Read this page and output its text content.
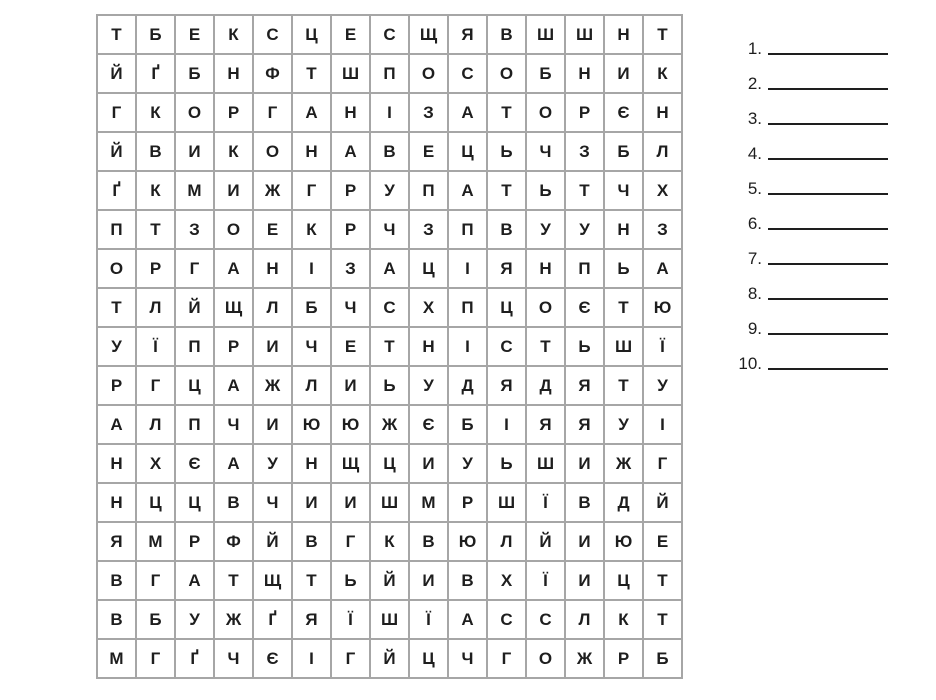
Т	Б	Е	К	С	Ц	Е	С	Щ	Я	В	Ш	Ш	Н	Т
Й	Ґ	Б	Н	Ф	Т	Ш	П	О	С	О	Б	Н	И	К
Г	К	О	Р	Г	А	Н	І	З	А	Т	О	Р	Є	Н
Й	В	И	К	О	Н	А	В	Е	Ц	Ь	Ч	З	Б	Л
Ґ	К	М	И	Ж	Г	Р	У	П	А	Т	Ь	Т	Ч	Х
П	Т	З	О	Е	К	Р	Ч	З	П	В	У	У	Н	З
О	Р	Г	А	Н	І	З	А	Ц	І	Я	Н	П	Ь	А
Т	Л	Й	Щ	Л	Б	Ч	С	Х	П	Ц	О	Є	Т	Ю
У	Ї	П	Р	И	Ч	Е	Т	Н	І	С	Т	Ь	Ш	Ї
Р	Г	Ц	А	Ж	Л	И	Ь	У	Д	Я	Д	Я	Т	У
А	Л	П	Ч	И	Ю	Ю	Ж	Є	Б	І	Я	Я	У	І
Н	Х	Є	А	У	Н	Щ	Ц	И	У	Ь	Ш	И	Ж	Г
Н	Ц	Ц	В	Ч	И	И	Ш	М	Р	Ш	Ї	В	Д	Й
Я	М	Р	Ф	Й	В	Г	К	В	Ю	Л	Й	И	Ю	Е
В	Г	А	Т	Щ	Т	Ь	Й	И	В	Х	Ї	И	Ц	Т
В	Б	У	Ж	Ґ	Я	Ї	Ш	Ї	А	С	С	Л	К	Т
М	Г	Ґ	Ч	Є	І	Г	Й	Ц	Ч	Г	О	Ж	Р	Б
1.
2.
3.
4.
5.
6.
7.
8.
9.
10.
